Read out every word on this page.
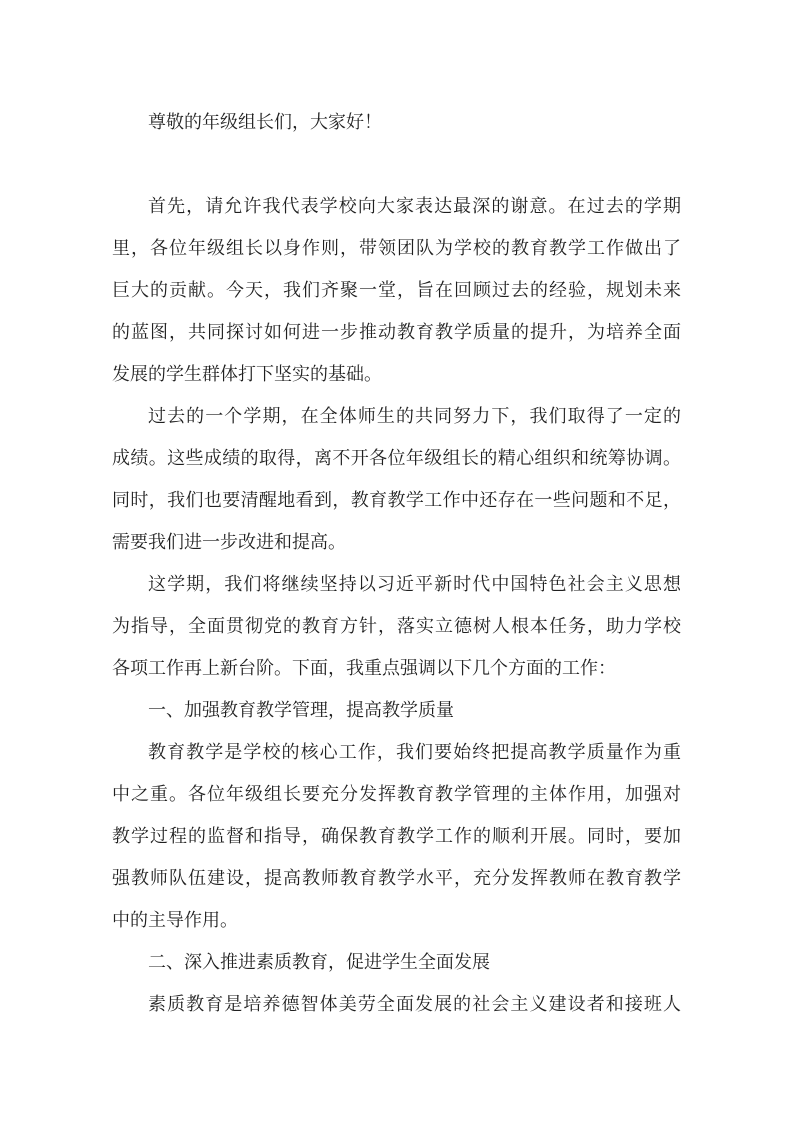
尊敬的年级组长们，大家好！
首先，请允许我代表学校向大家表达最深的谢意。在过去的学期
里，各位年级组长以身作则，带领团队为学校的教育教学工作做出了
巨大的贡献。今天，我们齐聚一堂，旨在回顾过去的经验，规划未来
的蓝图，共同探讨如何进一步推动教育教学质量的提升，为培养全面
发展的学生群体打下坚实的基础。
过去的一个学期，在全体师生的共同努力下，我们取得了一定的
成绩。这些成绩的取得，离不开各位年级组长的精心组织和统筹协调。
同时，我们也要清醒地看到，教育教学工作中还存在一些问题和不足，
需要我们进一步改进和提高。
这学期，我们将继续坚持以习近平新时代中国特色社会主义思想
为指导，全面贯彻党的教育方针，落实立德树人根本任务，助力学校
各项工作再上新台阶。下面，我重点强调以下几个方面的工作：
一、加强教育教学管理，提高教学质量
教育教学是学校的核心工作，我们要始终把提高教学质量作为重
中之重。各位年级组长要充分发挥教育教学管理的主体作用，加强对
教学过程的监督和指导，确保教育教学工作的顺利开展。同时，要加
强教师队伍建设，提高教师教育教学水平，充分发挥教师在教育教学
中的主导作用。
二、深入推进素质教育，促进学生全面发展
素质教育是培养德智体美劳全面发展的社会主义建设者和接班人
